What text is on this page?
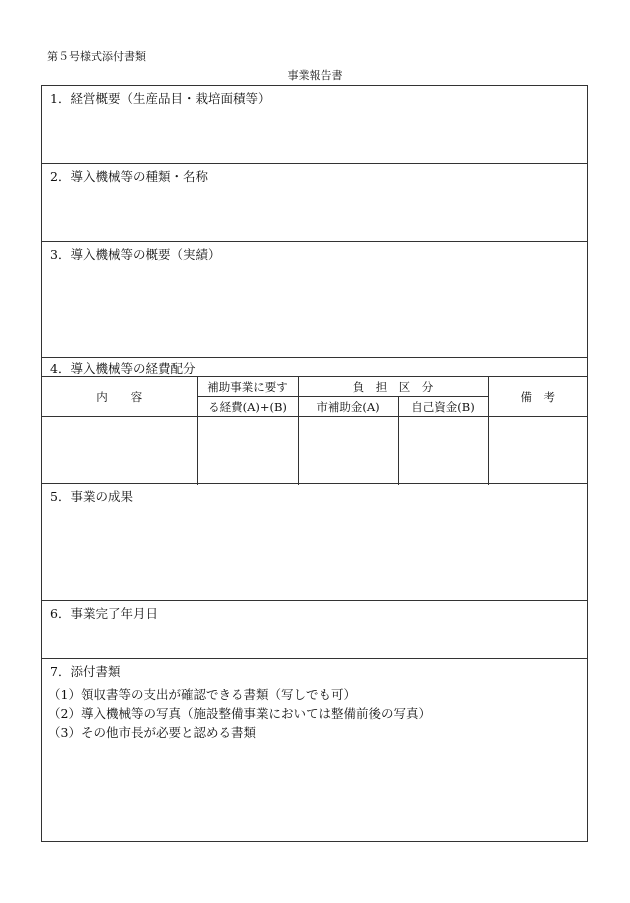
第５号様式添付書類
事業報告書
1．経営概要（生産品目・栽培面積等）
2．導入機械等の種類・名称
3．導入機械等の概要（実績）
4．導入機械等の経費配分
内　　容	補助事業に要す	負　担　区　分		備　考
	る経費(A)+(B)	市補助金(A)	自己資金(B)	

5．事業の成果
6．事業完了年月日
7．添付書類
（1）領収書等の支出が確認できる書類（写しでも可）
（2）導入機械等の写真（施設整備事業においては整備前後の写真）
（3）その他市長が必要と認める書類
